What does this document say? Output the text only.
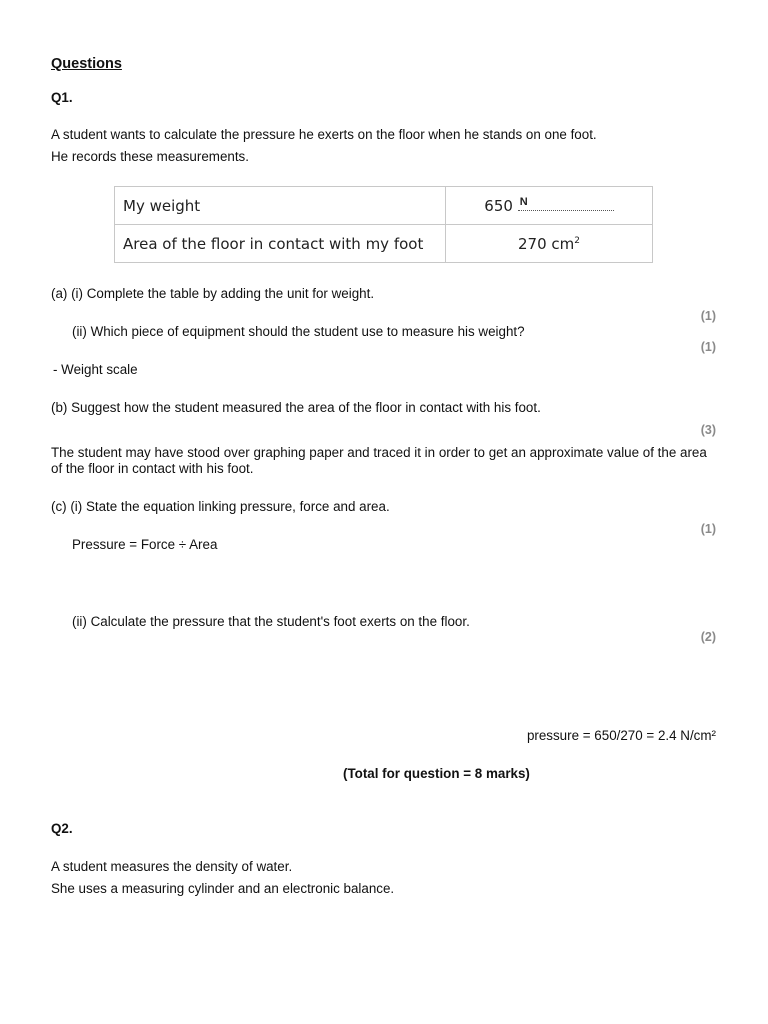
Questions
Q1.
A student wants to calculate the pressure he exerts on the floor when he stands on one foot.
He records these measurements.
My weight	650 N

Area of the floor in contact with my foot	270 $cm^2$
(a) (i) Complete the table by adding the unit for weight.
(1)
(ii) Which piece of equipment should the student use to measure his weight?
(1)
- Weight scale
(b) Suggest how the student measured the area of the floor in contact with his foot.
(3)
The student may have stood over graphing paper and traced it in order to get an approximate value of the area of the floor in contact with his foot.
(c) (i) State the equation linking pressure, force and area.
(1)
Pressure = Force ÷ Area
(ii) Calculate the pressure that the student's foot exerts on the floor.
(2)
pressure = 650/270 = 2.4 N/cm²
(Total for question = 8 marks)
Q2.
A student measures the density of water.
She uses a measuring cylinder and an electronic balance.
